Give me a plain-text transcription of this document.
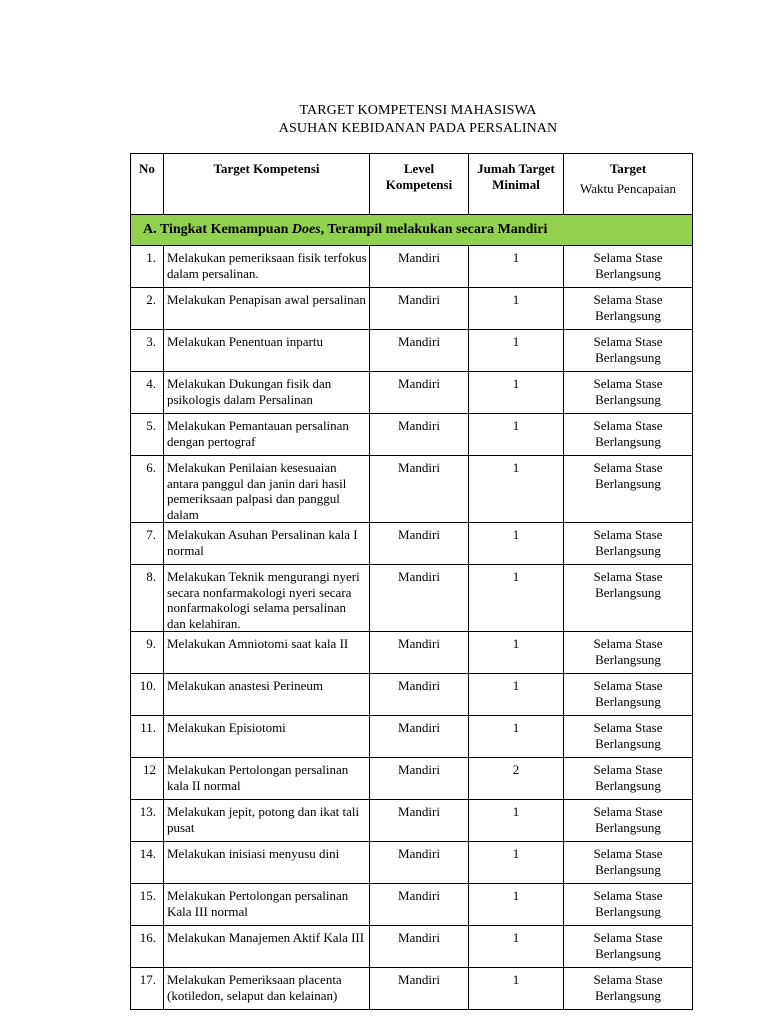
TARGET KOMPETENSI MAHASISWA
ASUHAN KEBIDANAN PADA PERSALINAN
No	Target Kompetensi	Level Kompetensi	Jumah Target Minimal	Target
Waktu Pencapaian

A. Tingkat Kemampuan Does, Terampil melakukan secara Mandiri				
1.	Melakukan pemeriksaan fisik terfokus dalam persalinan.	Mandiri	1	Selama Stase Berlangsung
2.	Melakukan Penapisan awal persalinan	Mandiri	1	Selama Stase Berlangsung
3.	Melakukan Penentuan inpartu	Mandiri	1	Selama Stase Berlangsung
4.	Melakukan Dukungan fisik dan psikologis dalam Persalinan	Mandiri	1	Selama Stase Berlangsung
5.	Melakukan Pemantauan persalinan dengan pertograf	Mandiri	1	Selama Stase Berlangsung
6.	Melakukan Penilaian kesesuaian antara panggul dan janin dari hasil pemeriksaan palpasi dan panggul dalam	Mandiri	1	Selama Stase Berlangsung
7.	Melakukan Asuhan Persalinan kala I normal	Mandiri	1	Selama Stase Berlangsung
8.	Melakukan Teknik mengurangi nyeri secara nonfarmakologi nyeri secara nonfarmakologi selama persalinan dan kelahiran.	Mandiri	1	Selama Stase Berlangsung
9.	Melakukan Amniotomi saat kala II	Mandiri	1	Selama Stase Berlangsung
10.	Melakukan anastesi Perineum	Mandiri	1	Selama Stase Berlangsung
11.	Melakukan Episiotomi	Mandiri	1	Selama Stase Berlangsung
12	Melakukan Pertolongan persalinan kala II normal	Mandiri	2	Selama Stase Berlangsung
13.	Melakukan jepit, potong dan ikat tali pusat	Mandiri	1	Selama Stase Berlangsung
14.	Melakukan inisiasi menyusu dini	Mandiri	1	Selama Stase Berlangsung
15.	Melakukan Pertolongan persalinan Kala III normal	Mandiri	1	Selama Stase Berlangsung
16.	Melakukan Manajemen Aktif Kala III	Mandiri	1	Selama Stase Berlangsung
17.	Melakukan Pemeriksaan placenta (kotiledon, selaput dan kelainan)	Mandiri	1	Selama Stase Berlangsung
